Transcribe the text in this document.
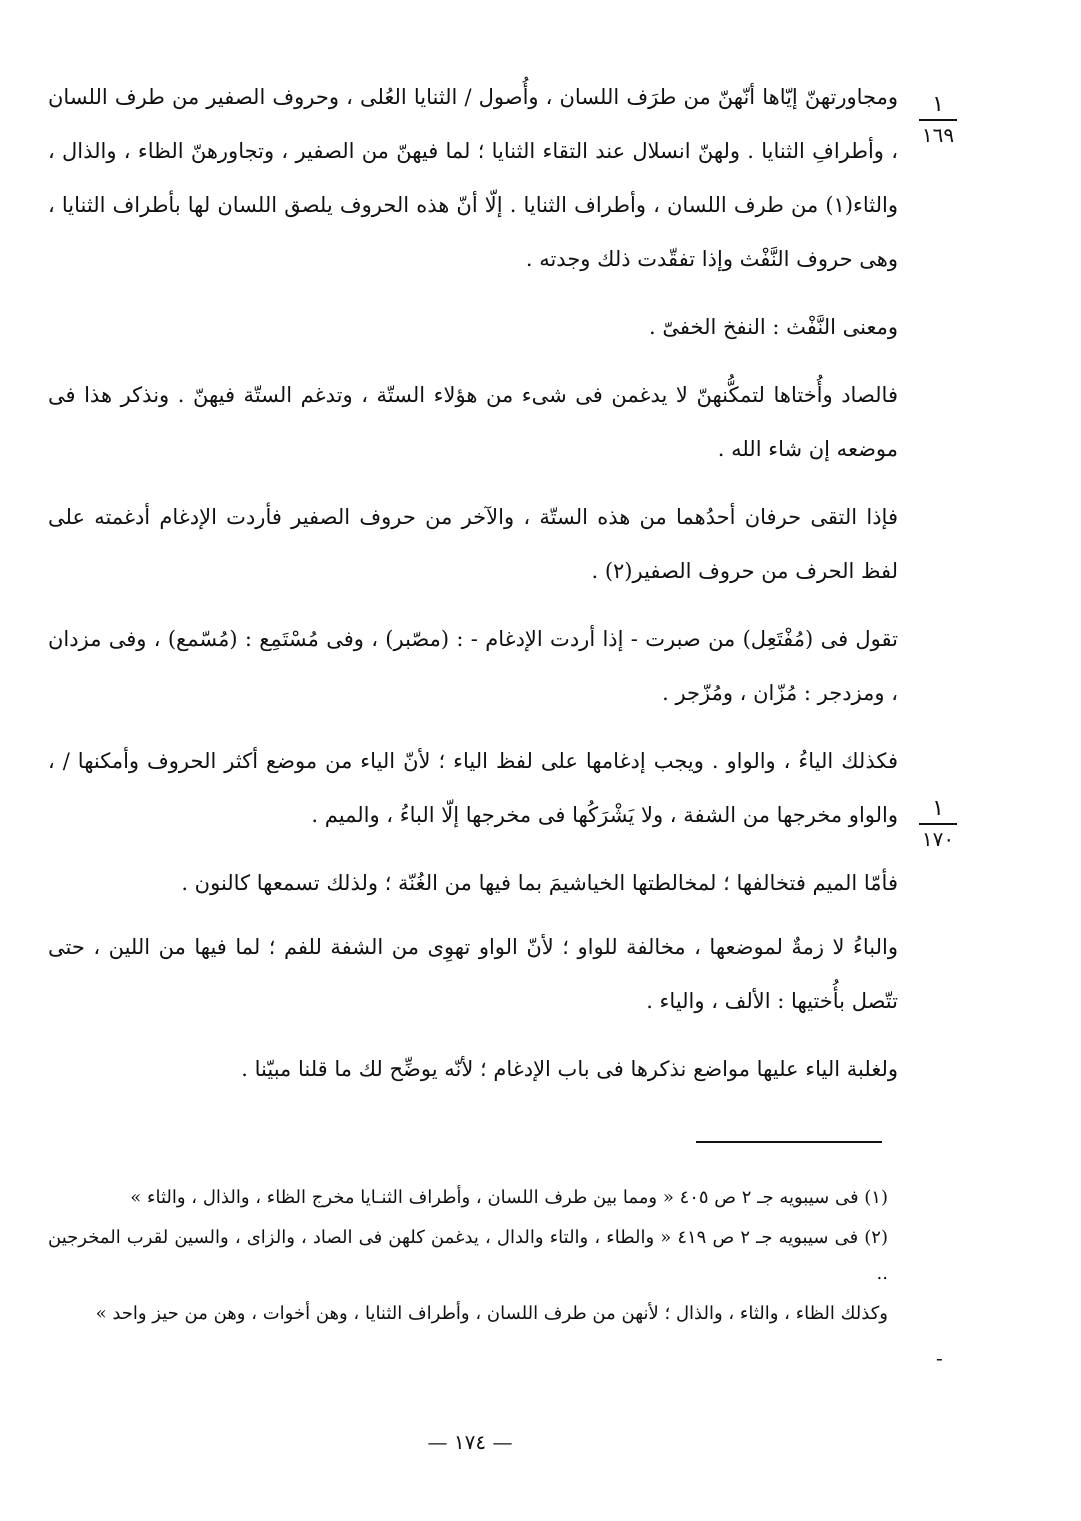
١
١٦٩
١
١٧٠

ومجاورتهنّ إيّاها أنّهنّ من طرَف اللسان ، وأُصول / الثنايا العُلى ، وحروف الصفير من طرف اللسان ، وأطرافِ الثنايا . ولهنّ انسلال عند التقاء الثنايا ؛ لما فيهنّ من الصفير ، وتجاورهنّ الظاء ، والذال ، والثاء(١) من طرف اللسان ، وأطراف الثنايا . إلّا أنّ هذه الحروف يلصق اللسان لها بأطراف الثنايا ، وهى حروف النَّفْث وإذا تفقّدت ذلك وجدته .

ومعنى النَّفْث : النفخ الخفىّ .

فالصاد وأُختاها لتمكُّنهنّ لا يدغمن فى شىء من هؤلاء الستّة ، وتدغم الستّة فيهنّ . ونذكر هذا فى موضعه إن شاء الله .

فإذا التقى حرفان أحدُهما من هذه الستّة ، والآخر من حروف الصفير فأردت الإدغام أدغمته على لفظ الحرف من حروف الصفير(٢) .

تقول فى (مُفْتَعِل) من صبرت - إذا أردت الإدغام - : (مصّبر) ، وفى مُسْتَمِع : (مُسّمع) ، وفى مزدان ، ومزدجر : مُزّان ، ومُزّجر .

فكذلك الياءُ ، والواو . ويجب إدغامها على لفظ الياء ؛ لأنّ الياء من موضع أكثر الحروف وأمكنها / ، والواو مخرجها من الشفة ، ولا يَشْرَكُها فى مخرجها إلّا الباءُ ، والميم .

فأمّا الميم فتخالفها ؛ لمخالطتها الخياشيمَ بما فيها من الغُنّة ؛ ولذلك تسمعها كالنون .

والباءُ لا زمةٌ لموضعها ، مخالفة للواو ؛ لأنّ الواو تهوِى من الشفة للفم ؛ لما فيها من اللين ، حتى تتّصل بأُختيها : الألف ، والياء .

ولغلبة الياء عليها مواضع نذكرها فى باب الإدغام ؛ لأنّه يوضِّح لك ما قلنا مبيّنا .

(١) فى سيبويه جـ ٢ ص ٤٠٥ « ومما بين طرف اللسان ، وأطراف الثنـايا مخرج الظاء ، والذال ، والثاء »

(٢) فى سيبويه جـ ٢ ص ٤١٩ « والطاء ، والتاء والدال ، يدغمن كلهن فى الصاد ، والزاى ، والسين لقرب المخرجين ..

وكذلك الظاء ، والثاء ، والذال ؛ لأنهن من طرف اللسان ، وأطراف الثنايا ، وهن أخوات ، وهن من حيز واحد »

-
— ١٧٤ —
